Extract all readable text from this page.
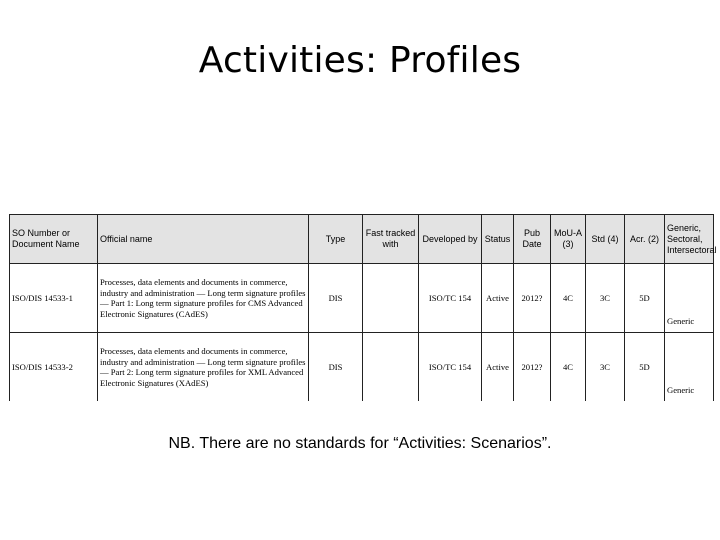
Activities: Profiles
SO Number or Document Name	Official name	Type	Fast tracked with	Developed by	Status	Pub Date	MoU-A (3)	Std (4)	Acr. (2)	Generic, Sectoral, Intersectoral
ISO/DIS 14533-1	Processes, data elements and documents in commerce, industry and administration — Long term signature profiles — Part 1: Long term signature profiles for CMS Advanced Electronic Signatures (CAdES)	DIS		ISO/TC 154	Active	2012?	4C	3C	5D	Generic
ISO/DIS 14533-2	Processes, data elements and documents in commerce, industry and administration — Long term signature profiles — Part 2: Long term signature profiles for XML Advanced Electronic Signatures (XAdES)	DIS		ISO/TC 154	Active	2012?	4C	3C	5D	Generic
NB. There are no standards for “Activities: Scenarios”.
